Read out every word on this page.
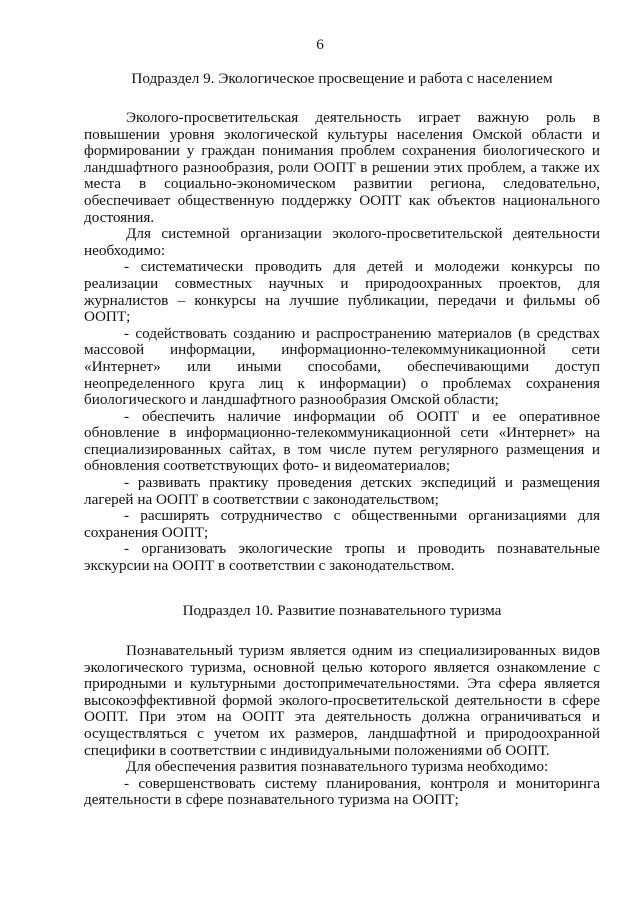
6
Подраздел 9. Экологическое просвещение и работа с населением

Эколого-просветительская деятельность играет важную роль в повышении уровня экологической культуры населения Омской области и формировании у граждан понимания проблем сохранения биологического и ландшафтного разнообразия, роли ООПТ в решении этих проблем, а также их места в социально-экономическом развитии региона, следовательно, обеспечивает общественную поддержку ООПТ как объектов национального достояния.

Для системной организации эколого-просветительской деятельности необходимо:

- систематически проводить для детей и молодежи конкурсы по реализации совместных научных и природоохранных проектов, для журналистов – конкурсы на лучшие публикации, передачи и фильмы об ООПТ;

- содействовать созданию и распространению материалов (в средствах массовой информации, информационно-телекоммуникационной сети «Интернет» или иными способами, обеспечивающими доступ неопределенного круга лиц к информации) о проблемах сохранения биологического и ландшафтного разнообразия Омской области;

- обеспечить наличие информации об ООПТ и ее оперативное обновление в информационно-телекоммуникационной сети «Интернет» на специализированных сайтах, в том числе путем регулярного размещения и обновления соответствующих фото- и видеоматериалов;

- развивать практику проведения детских экспедиций и размещения лагерей на ООПТ в соответствии с законодательством;

- расширять сотрудничество с общественными организациями для сохранения ООПТ;

- организовать экологические тропы и проводить познавательные экскурсии на ООПТ в соответствии с законодательством.

Подраздел 10. Развитие познавательного туризма

Познавательный туризм является одним из специализированных видов экологического туризма, основной целью которого является ознакомление с природными и культурными достопримечательностями. Эта сфера является высокоэффективной формой эколого-просветительской деятельности в сфере ООПТ. При этом на ООПТ эта деятельность должна ограничиваться и осуществляться с учетом их размеров, ландшафтной и природоохранной специфики в соответствии с индивидуальными положениями об ООПТ.

Для обеспечения развития познавательного туризма необходимо:

- совершенствовать систему планирования, контроля и мониторинга деятельности в сфере познавательного туризма на ООПТ;
